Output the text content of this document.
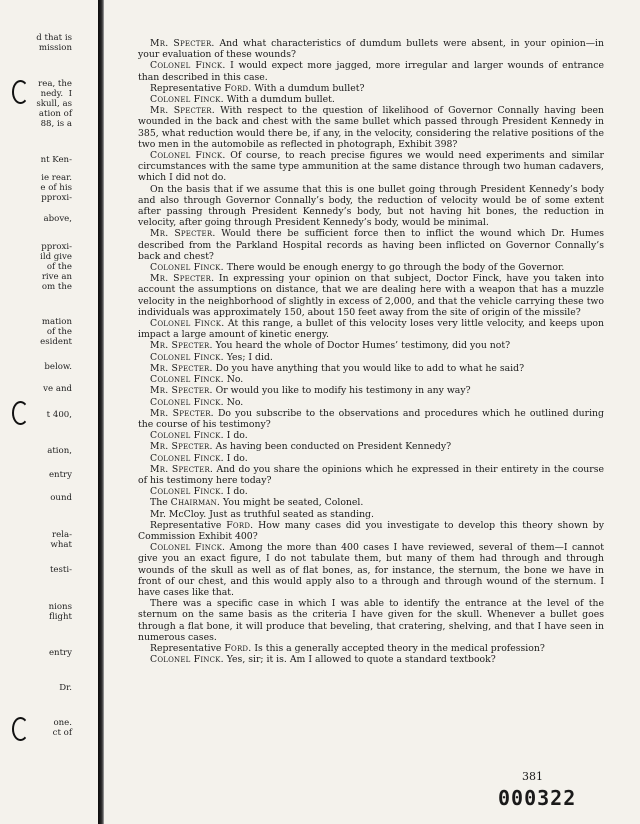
d that is
mission
rea, the
nedy.  I
skull, as
ation of
88, is a
nt Ken-
ie rear.
e of his
pproxi-
above,
pproxi-
ild give
of the
rive an
om the
mation
of the
esident
below.
ve and
t 400,
ation,
entry
ound
rela-
what
testi-
nions
flight
entry
Dr.
one.
ct of

Mr. Specter. And what characteristics of dumdum bullets were absent, in your opinion—in your evaluation of these wounds?

Colonel Finck. I would expect more jagged, more irregular and larger wounds of entrance than described in this case.

Representative Ford. With a dumdum bullet?

Colonel Finck. With a dumdum bullet.

Mr. Specter. With respect to the question of likelihood of Governor Connally having been wounded in the back and chest with the same bullet which passed through President Kennedy in 385, what reduction would there be, if any, in the velocity, considering the relative positions of the two men in the automobile as reflected in photograph, Exhibit 398?

Colonel Finck. Of course, to reach precise figures we would need experiments and similar circumstances with the same type ammunition at the same distance through two human cadavers, which I did not do.

On the basis that if we assume that this is one bullet going through President Kennedy’s body and also through Governor Connally’s body, the reduction of velocity would be of some extent after passing through President Kennedy’s body, but not having hit bones, the reduction in velocity, after going through President Kennedy’s body, would be minimal.

Mr. Specter. Would there be sufficient force then to inflict the wound which Dr. Humes described from the Parkland Hospital records as having been inflicted on Governor Connally’s back and chest?

Colonel Finck. There would be enough energy to go through the body of the Governor.

Mr. Specter. In expressing your opinion on that subject, Doctor Finck, have you taken into account the assumptions on distance, that we are dealing here with a weapon that has a muzzle velocity in the neighborhood of slightly in excess of 2,000, and that the vehicle carrying these two individuals was approximately 150, about 150 feet away from the site of origin of the missile?

Colonel Finck. At this range, a bullet of this velocity loses very little velocity, and keeps upon impact a large amount of kinetic energy.

Mr. Specter. You heard the whole of Doctor Humes’ testimony, did you not?

Colonel Finck. Yes; I did.

Mr. Specter. Do you have anything that you would like to add to what he said?

Colonel Finck. No.

Mr. Specter. Or would you like to modify his testimony in any way?

Colonel Finck. No.

Mr. Specter. Do you subscribe to the observations and procedures which he outlined during the course of his testimony?

Colonel Finck. I do.

Mr. Specter. As having been conducted on President Kennedy?

Colonel Finck. I do.

Mr. Specter. And do you share the opinions which he expressed in their entirety in the course of his testimony here today?

Colonel Finck. I do.

The Chairman. You might be seated, Colonel.

Mr. McCloy. Just as truthful seated as standing.

Representative Ford. How many cases did you investigate to develop this theory shown by Commission Exhibit 400?

Colonel Finck. Among the more than 400 cases I have reviewed, several of them—I cannot give you an exact figure, I do not tabulate them, but many of them had through and through wounds of the skull as well as of flat bones, as, for instance, the sternum, the bone we have in front of our chest, and this would apply also to a through and through wound of the sternum. I have cases like that.

There was a specific case in which I was able to identify the entrance at the level of the sternum on the same basis as the criteria I have given for the skull. Whenever a bullet goes through a flat bone, it will produce that beveling, that cratering, shelving, and that I have seen in numerous cases.

Representative Ford. Is this a generally accepted theory in the medical profession?

Colonel Finck. Yes, sir; it is. Am I allowed to quote a standard textbook?

381
000322
